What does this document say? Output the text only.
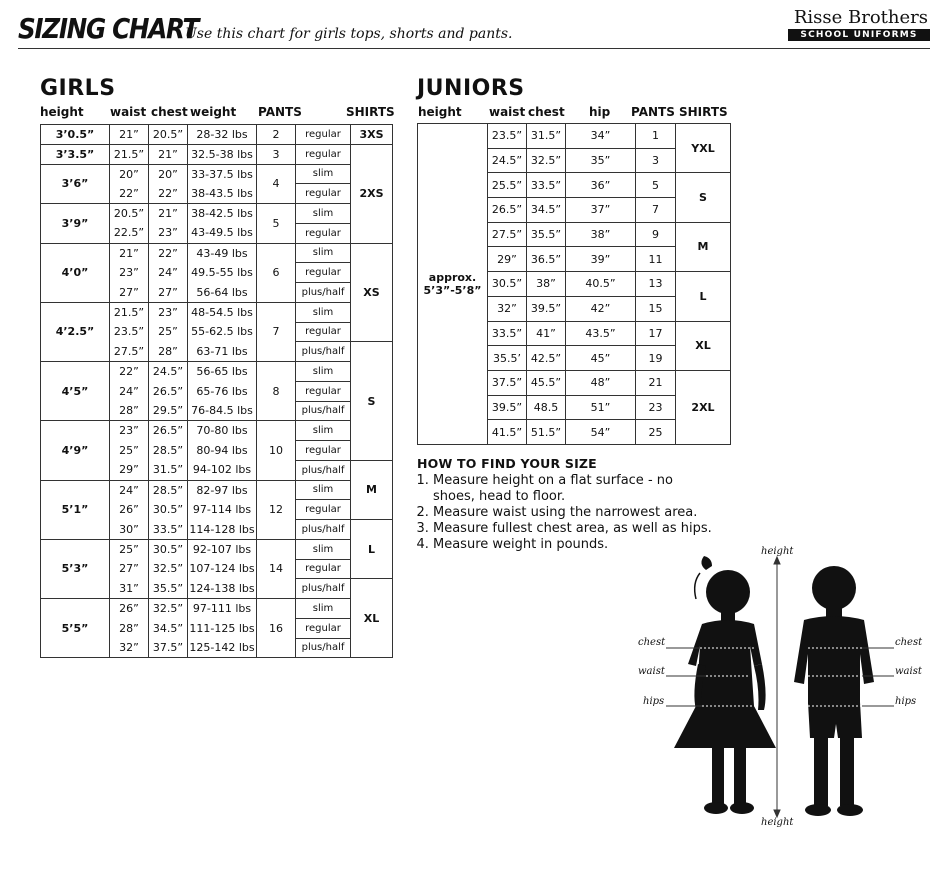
SIZING CHART
Use this chart for girls tops, shorts and pants.
Risse Brothers
SCHOOL UNIFORMS
GIRLS
height waist chest weight PANTS	SHIRTS
3’0.5”	21”	20.5”	28-32 lbs	2	regular	3XS
3’3.5”	21.5”	21”	32.5-38 lbs	3	regular	2XS
3’6”	20”	20”	33-37.5 lbs	4	slim	
	22”	22”	38-43.5 lbs		regular	
3’9”	20.5”	21”	38-42.5 lbs	5	slim	
	22.5”	23”	43-49.5 lbs		regular	
4’0”	21”	22”	43-49 lbs	6	slim	XS
	23”	24”	49.5-55 lbs		regular	
	27”	27”	56-64 lbs		plus/half	
4’2.5”	21.5”	23”	48-54.5 lbs	7	slim	
	23.5”	25”	55-62.5 lbs		regular	
	27.5”	28”	63-71 lbs		plus/half	S
4’5”	22”	24.5”	56-65 lbs	8	slim	
	24”	26.5”	65-76 lbs		regular	
	28”	29.5”	76-84.5 lbs		plus/half	
4’9”	23”	26.5”	70-80 lbs	10	slim	
	25”	28.5”	80-94 lbs		regular	
	29”	31.5”	94-102 lbs		plus/half	M
5’1”	24”	28.5”	82-97 lbs	12	slim	
	26”	30.5”	97-114 lbs		regular	
	30”	33.5”	114-128 lbs		plus/half	L
5’3”	25”	30.5”	92-107 lbs	14	slim	
	27”	32.5”	107-124 lbs		regular	
	31”	35.5”	124-138 lbs		plus/half	XL
5’5”	26”	32.5”	97-111 lbs	16	slim	
	28”	34.5”	111-125 lbs		regular	
	32”	37.5”	125-142 lbs		plus/half	
JUNIORS
height waist chest hip PANTS SHIRTS
approx.
5’3”-5’8”	23.5”	31.5”	34”	1	YXL
	24.5”	32.5”	35”	3	
	25.5”	33.5”	36”	5	S
	26.5”	34.5”	37”	7	
	27.5”	35.5”	38”	9	M
	29”	36.5”	39”	11	
	30.5”	38”	40.5”	13	L
	32”	39.5”	42”	15	
	33.5”	41”	43.5”	17	XL
	35.5’	42.5”	45”	19	
	37.5”	45.5”	48”	21	2XL
	39.5”	48.5	51”	23	
	41.5”	51.5”	54”	25	
HOW TO FIND YOUR SIZE
1. Measure height on a flat surface - no shoes, head to floor.
2. Measure waist using the narrowest area.
3. Measure fullest chest area, as well as hips.
4. Measure weight in pounds.	height
height
chest
waist
hips
chest
waist
hips
